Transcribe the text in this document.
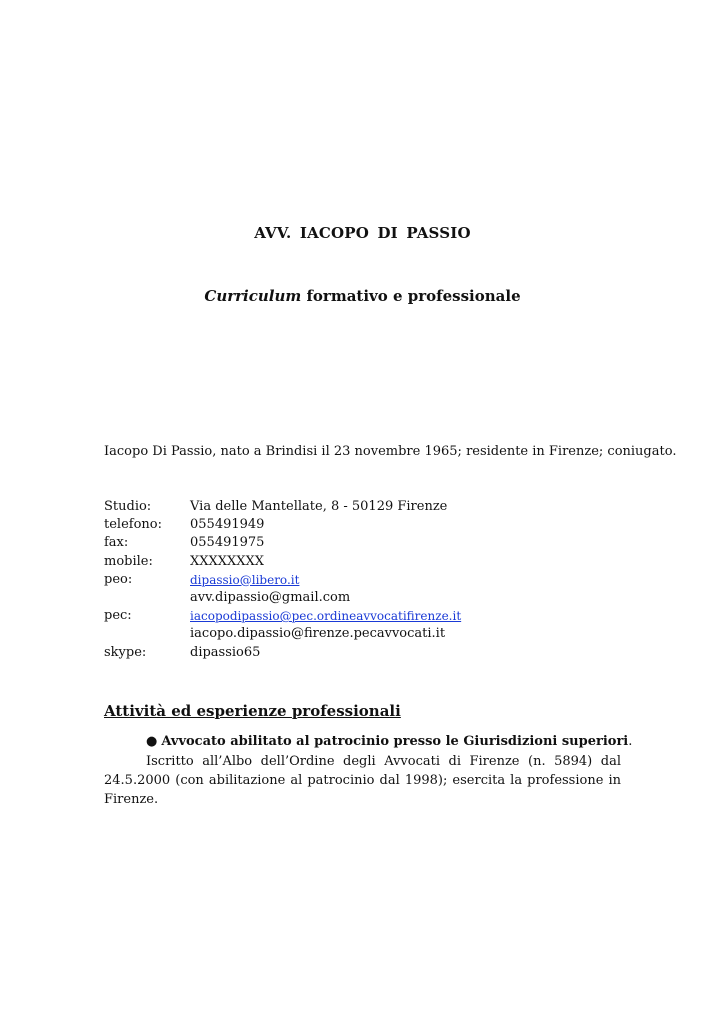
AVV. IACOPO DI PASSIO
Curriculum formativo e professionale
Iacopo Di Passio, nato a Brindisi il 23 novembre 1965; residente in Firenze; coniugato.
Studio:	Via delle Mantellate, 8 - 50129 Firenze
telefono:	055491949
fax:	055491975
mobile:	XXXXXXXX
peo:	dipassio@libero.it
avv.dipassio@gmail.com
pec:	iacopodipassio@pec.ordineavvocatifirenze.it
iacopo.dipassio@firenze.pecavvocati.it
skype:	dipassio65
Attività ed esperienze professionali
● Avvocato abilitato al patrocinio presso le Giurisdizioni superiori.
Iscritto all’Albo dell’Ordine degli Avvocati di Firenze (n. 5894) dal 24.5.2000 (con abilitazione al patrocinio dal 1998); esercita la professione in Firenze.
